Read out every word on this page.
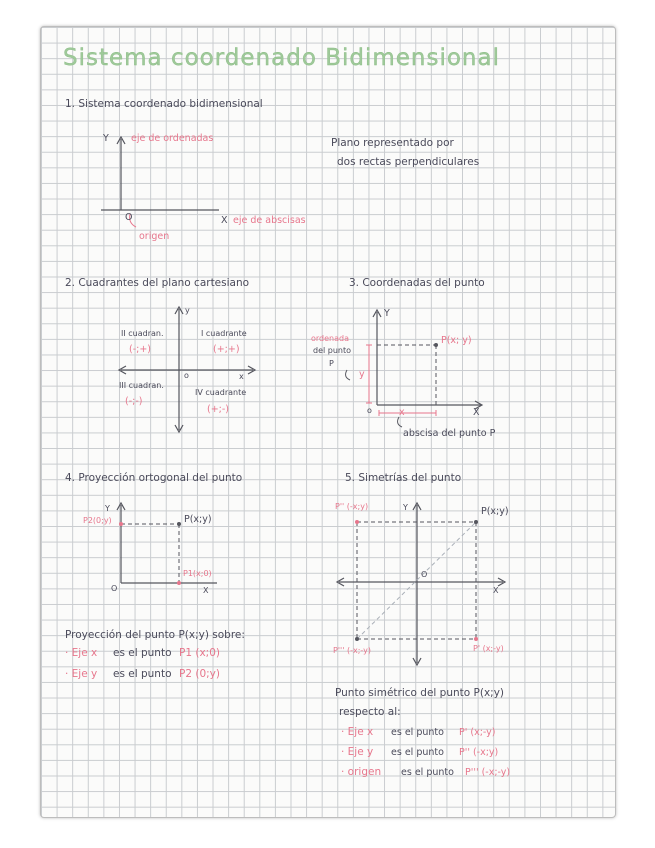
Sistema coordenado Bidimensional
1. Sistema coordenado bidimensional
Y eje de ordenadas
O	X eje de abscisas
origen
Plano representado por
dos rectas perpendiculares
2. Cuadrantes del plano cartesiano
y
x
o
II cuadran.
(-;+)
I cuadrante
(+;+)
III cuadran.
(-;-)
IV cuadrante
(+;-)
3. Coordenadas del punto
Y
X
o
P(x; y)
ordenada
del punto
P
y
x
abscisa del punto P
4. Proyección ortogonal del punto
Y
X
O
P(x;y)
P2(0;y)
P1(x;0)
Proyección del punto P(x;y) sobre:
· Eje x es el punto P1 (x;0)
· Eje y es el punto P2 (0;y)
5. Simetrías del punto
Y
X
O
P(x;y)
P'' (-x;y)
P' (x;-y)
P''' (-x;-y)
Punto simétrico del punto P(x;y)
respecto al:
· Eje x es el punto P' (x;-y)
· Eje y es el punto P'' (-x;y)
· origen es el punto P''' (-x;-y)
